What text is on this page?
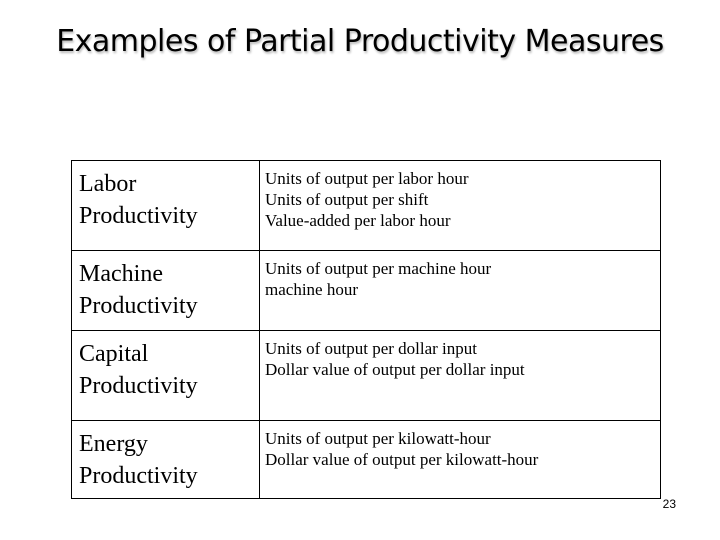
Examples of Partial Productivity Measures
Labor
Productivity	Units of output per labor hour
Units of output per shift
Value-added per labor hour

Machine
Productivity	Units of output per machine hour
machine hour

Capital
Productivity	Units of output per dollar input
Dollar value of output per dollar input

Energy
Productivity	Units of output per kilowatt-hour
Dollar value of output per kilowatt-hour
23
